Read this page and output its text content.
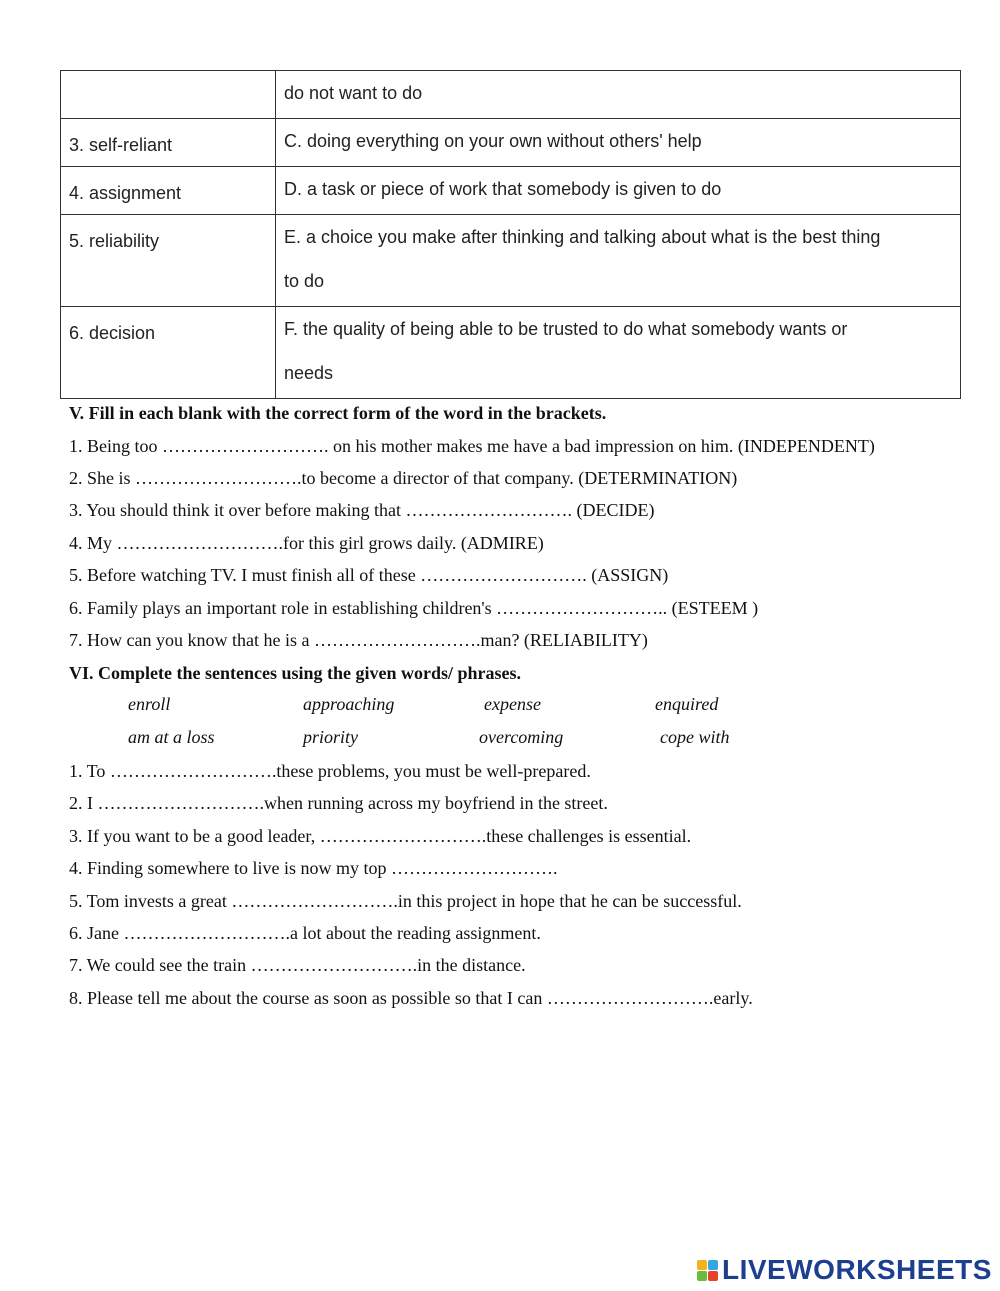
	do not want to do

3. self-reliant	C. doing everything on your own without others' help

4. assignment	D. a task or piece of work that somebody is given to do

5. reliability	E. a choice you make after thinking and talking about what is the best thing
to do

6. decision	F. the quality of being able to be trusted to do what somebody wants or
needs
V. Fill in each blank with the correct form of the word in the brackets.
1. Being too ………………………. on his mother makes me have a bad impression on him. (INDEPENDENT)
2. She is ……………………….to become a director of that company. (DETERMINATION)
3. You should think it over before making that ………………………. (DECIDE)
4. My ……………………….for this girl grows daily. (ADMIRE)
5. Before watching TV. I must finish all of these ………………………. (ASSIGN)
6. Family plays an important role in establishing children's ……………………….. (ESTEEM )
7. How can you know that he is a ……………………….man? (RELIABILITY)
VI. Complete the sentences using the given words/ phrases.
enroll	approaching	expense	enquired
am at a loss	priority	overcoming	cope with
1. To ……………………….these problems, you must be well-prepared.
2. I ……………………….when running across my boyfriend in the street.
3. If you want to be a good leader, ……………………….these challenges is essential.
4. Finding somewhere to live is now my top ……………………….
5. Tom invests a great ……………………….in this project in hope that he can be successful.
6. Jane ……………………….a lot about the reading assignment.
7. We could see the train ……………………….in the distance.
8. Please tell me about the course as soon as possible so that I can ……………………….early.
LIVEWORKSHEETS
